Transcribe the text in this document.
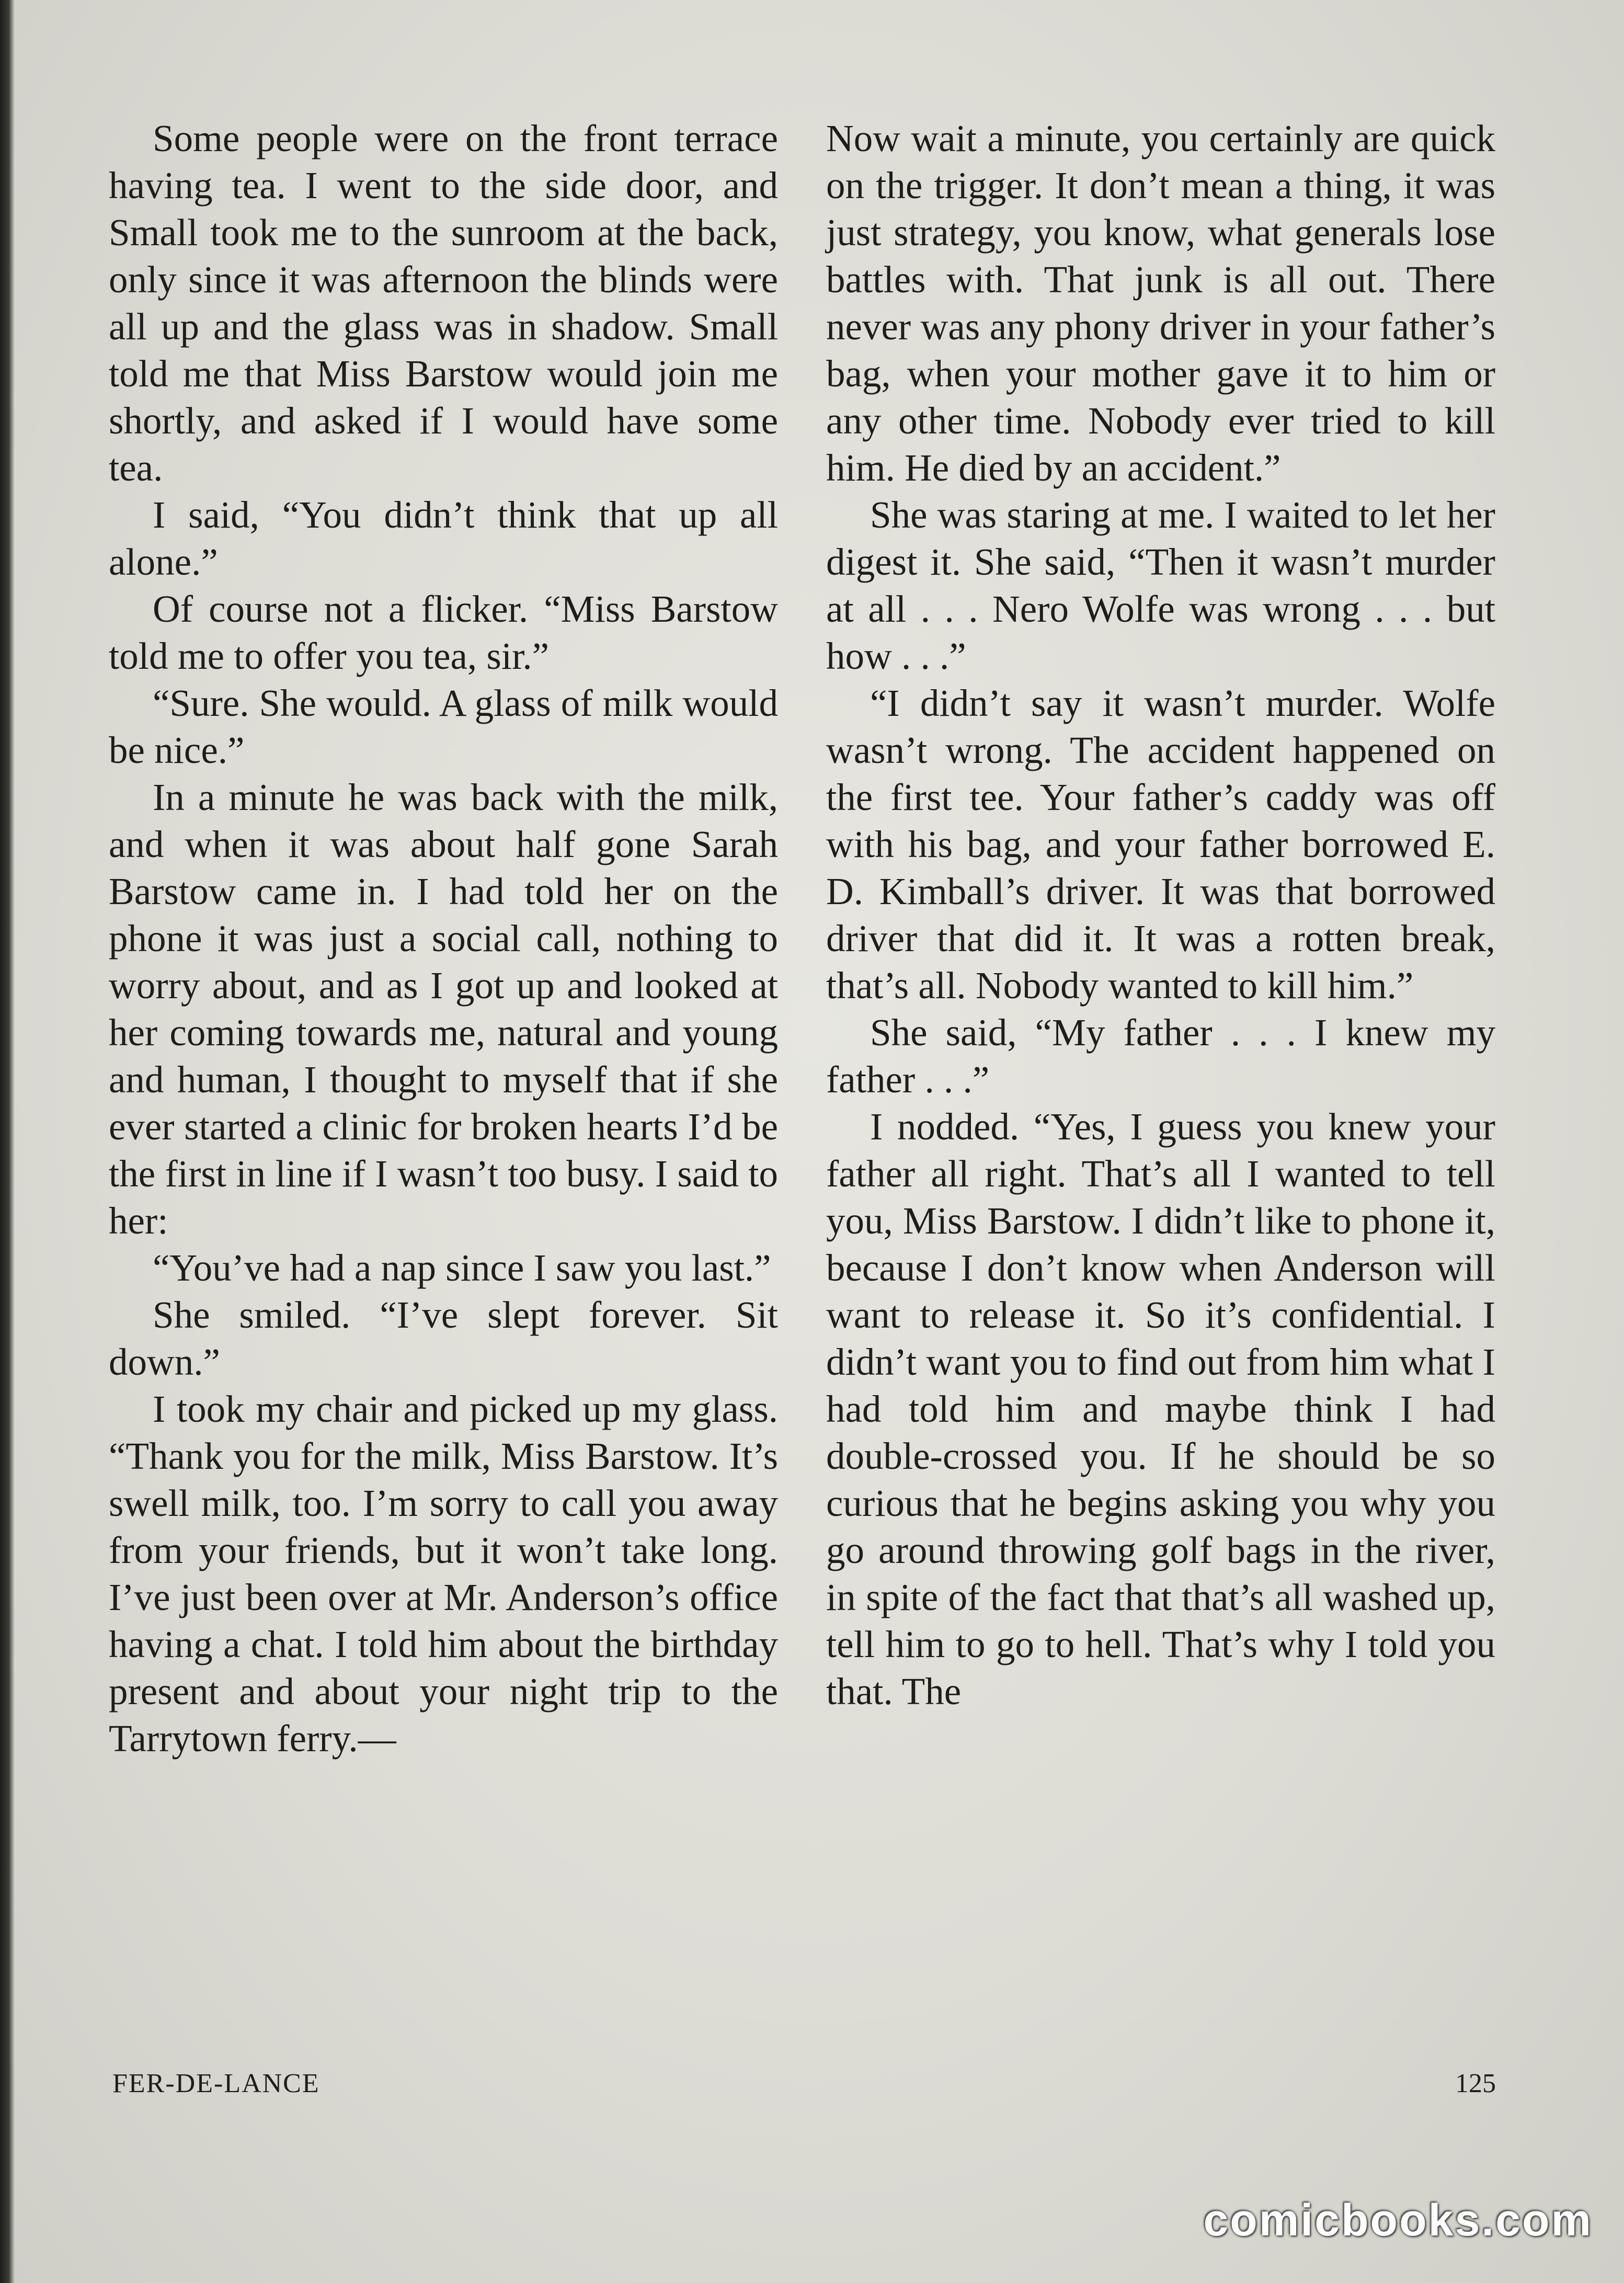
Some people were on the front terrace having tea. I went to the side door, and Small took me to the sunroom at the back, only since it was afternoon the blinds were all up and the glass was in shadow. Small told me that Miss Barstow would join me shortly, and asked if I would have some tea.

I said, “You didn’t think that up all alone.”

Of course not a flicker. “Miss Barstow told me to offer you tea, sir.”

“Sure. She would. A glass of milk would be nice.”

In a minute he was back with the milk, and when it was about half gone Sarah Barstow came in. I had told her on the phone it was just a social call, nothing to worry about, and as I got up and looked at her coming towards me, natural and young and human, I thought to myself that if she ever started a clinic for broken hearts I’d be the first in line if I wasn’t too busy. I said to her:

“You’ve had a nap since I saw you last.”

She smiled. “I’ve slept forever. Sit down.”

I took my chair and picked up my glass. “Thank you for the milk, Miss Barstow. It’s swell milk, too. I’m sorry to call you away from your friends, but it won’t take long. I’ve just been over at Mr. Anderson’s office having a chat. I told him about the birthday present and about your night trip to the Tarrytown ferry.—

Now wait a minute, you certainly are quick on the trigger. It don’t mean a thing, it was just strategy, you know, what generals lose battles with. That junk is all out. There never was any phony driver in your father’s bag, when your mother gave it to him or any other time. Nobody ever tried to kill him. He died by an accident.”

She was staring at me. I waited to let her digest it. She said, “Then it wasn’t murder at all . . . Nero Wolfe was wrong . . . but how . . .”

“I didn’t say it wasn’t murder. Wolfe wasn’t wrong. The accident happened on the first tee. Your father’s caddy was off with his bag, and your father borrowed E. D. Kimball’s driver. It was that borrowed driver that did it. It was a rotten break, that’s all. Nobody wanted to kill him.”

She said, “My father . . . I knew my father . . .”

I nodded. “Yes, I guess you knew your father all right. That’s all I wanted to tell you, Miss Barstow. I didn’t like to phone it, because I don’t know when Anderson will want to release it. So it’s confidential. I didn’t want you to find out from him what I had told him and maybe think I had double-crossed you. If he should be so curious that he begins asking you why you go around throwing golf bags in the river, in spite of the fact that that’s all washed up, tell him to go to hell. That’s why I told you that. The

FER-DE-LANCE	125
comicbooks.com
